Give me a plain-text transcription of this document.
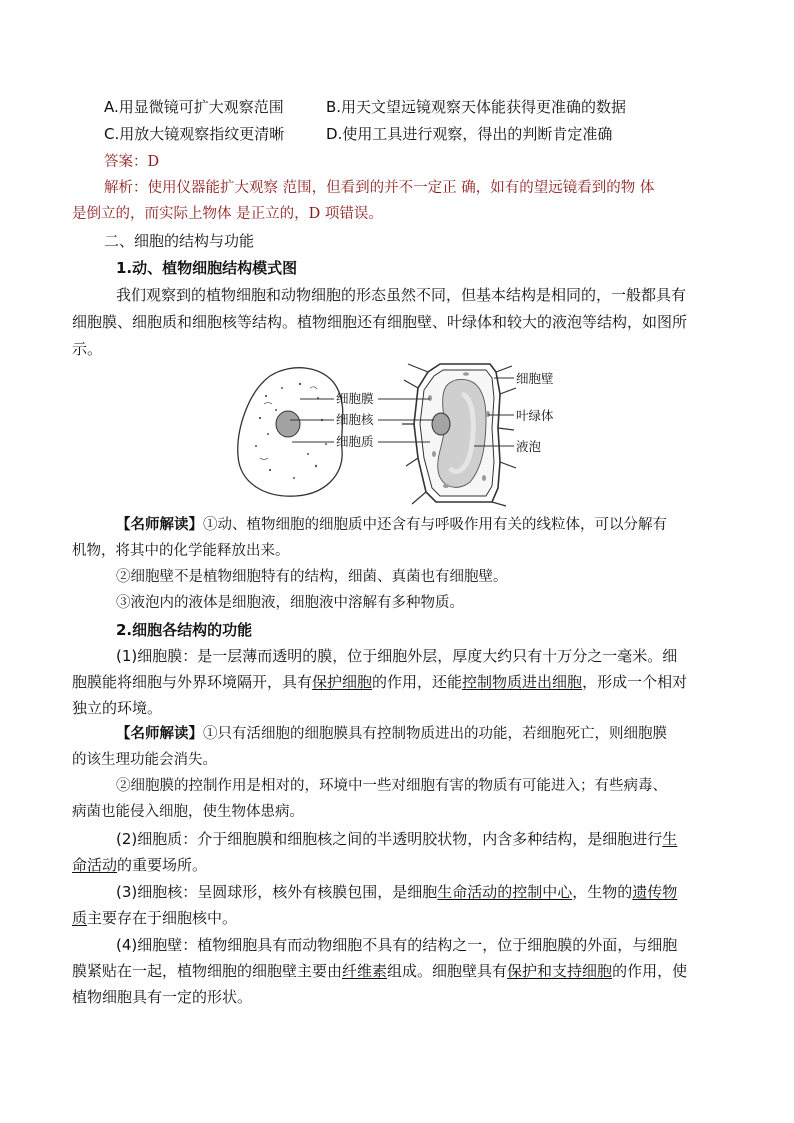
A.用显微镜可扩大观察范围	B.用天文望远镜观察天体能获得更准确的数据
C.用放大镜观察指纹更清晰	D.使用工具进行观察，得出的判断肯定准确
答案：D
解析：使用仪器能扩大观察 范围，但看到的并不一定正 确，如有的望远镜看到的物 体
是倒立的，而实际上物体 是正立的，D 项错误。
二、细胞的结构与功能
1.动、植物细胞结构模式图
我们观察到的植物细胞和动物细胞的形态虽然不同，但基本结构是相同的，一般都具有
细胞膜、细胞质和细胞核等结构。植物细胞还有细胞壁、叶绿体和较大的液泡等结构，如图所
示。
细胞膜
细胞核
细胞质
细胞壁
叶绿体
液泡
【名师解读】①动、植物细胞的细胞质中还含有与呼吸作用有关的线粒体，可以分解有
机物，将其中的化学能释放出来。
②细胞壁不是植物细胞特有的结构，细菌、真菌也有细胞壁。
③液泡内的液体是细胞液，细胞液中溶解有多种物质。
2.细胞各结构的功能
(1)细胞膜：是一层薄而透明的膜，位于细胞外层，厚度大约只有十万分之一毫米。细
胞膜能将细胞与外界环境隔开，具有保护细胞的作用，还能控制物质进出细胞，形成一个相对
独立的环境。
【名师解读】①只有活细胞的细胞膜具有控制物质进出的功能，若细胞死亡，则细胞膜
的该生理功能会消失。
②细胞膜的控制作用是相对的，环境中一些对细胞有害的物质有可能进入；有些病毒、
病菌也能侵入细胞，使生物体患病。
(2)细胞质：介于细胞膜和细胞核之间的半透明胶状物，内含多种结构，是细胞进行生
命活动的重要场所。
(3)细胞核：呈圆球形，核外有核膜包围，是细胞生命活动的控制中心，生物的遗传物
质主要存在于细胞核中。
(4)细胞壁：植物细胞具有而动物细胞不具有的结构之一，位于细胞膜的外面，与细胞
膜紧贴在一起，植物细胞的细胞壁主要由纤维素组成。细胞壁具有保护和支持细胞的作用，使
植物细胞具有一定的形状。
